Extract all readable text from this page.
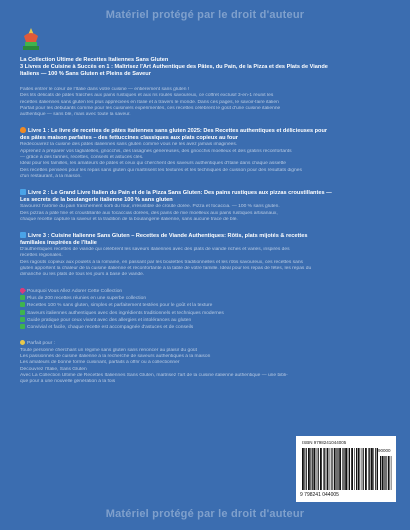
Matériel protégé par le droit d'auteur
La Collection Ultime de Recettes Italiennes Sans Gluten
3 Livres de Cuisine à Succès en 1 : Maîtrisez l'Art Authentique des Pâtes, du Pain, de la Pizza et des Plats de Viande
Italiens — 100 % Sans Gluten et Pleins de Saveur
Faites entrer le cœur de l'Italie dans votre cuisine — entièrement sans gluten !
Des lits délicats de pâtes fraîches aux pains rustiques et aux ris roulés savoureux, ce coffret exclusif 3-en-1 réunit les
recettes italiennes sans gluten les plus appréciées en Italie et à travers le monde. Dans ces pages, le savoir-faire italien
Parfait pour les débutants comme pour les cuisiniers expérimentés, ces recettes célèbrent le goût d'une cuisine italienne
authentique — sans blé, mais avec toute la saveur.
Livre 1 : Le livre de recettes de pâtes italiennes sans gluten 2025: Des Recettes authentiques et délicieuses pour
des pâtes maison parfaites – des fettuccines classiques aux plats copieux au four
Redécouvrez la cuisine des pâtes italiennes sans gluten comme vous ne les avez jamais imaginées.
Apprenez à préparer vos tagliatelles, gnocchis, des lasagnes généreuses, des gnocchis moelleux et des gratins réconfortants
— grâce à des farines, recettes, conseils et astuces clés.
Idéal pour les familles, les amateurs de pâtes et ceux qui cherchent des saveurs authentiques d'Italie dans chaque assiette
Des recettes pensées pour les repas sans gluten qui maîtrisent les textures et les techniques de cuisson pour des résultats dignes
d'un restaurant, à la maison.
Livre 2 : Le Grand Livre Italien du Pain et de la Pizza Sans Gluten: Des pains rustiques aux pizzas croustillantes —
Les secrets de la boulangerie italienne 100 % sans gluten
Savourez l'arôme du pain fraîchement sorti du four, irrésistible de croûte dorée. Pizza et focaccia. — 100 % sans gluten.
Des pizzas à pâte fine et croustillante aux focaccias dorées, des pains de mie moelleux aux pains rustiques artisanaux,
chaque recette capture la saveur et la tradition de la boulangerie italienne, sans aucune trace de blé.
Livre 3 : Cuisine Italienne Sans Gluten – Recettes de Viande Authentiques: Rôtis, plats mijotés & recettes
familiales inspirées de l'Italie
D'authentiques recettes de viande qui célèbrent les saveurs italiennes avec des plats de viande riches et variés, inspirés des
recettes régionales.
Des ragoûts copieux aux poulets à la romaine, en passant par les boulettes traditionnelles et les rôtis savoureux, ces recettes sans
gluten apportent la chaleur de la cuisine italienne et réconfortante à la table de votre famille. Idéal pour les repas de fêtes, les repas du
dimanche ou les plats de tous les jours à base de viande.
Pourquoi Vous Allez Adorer Cette Collection
Plus de 200 recettes réunies en une superbe collection
Recettes 100 % sans gluten, simples et parfaitement testées pour le goût et la texture
Saveurs italiennes authentiques avec des ingrédients traditionnels et techniques modernes
Guide pratique pour ceux vivant avec des allergies et intolérances au gluten
Convivial et facile, chaque recette est accompagnée d'astuces et de conseils
Parfait pour :
Toute personne cherchant un régime sans gluten sans renoncer au plaisir du goût
Les passionnés de cuisine italienne à la recherche de saveurs authentiques à la maison
Les amateurs de bonne forme cuisinant, parfaits à offrir ou à collectionner
Découvrez l'Italie, Sans Gluten
Avec La Collection Ultime de Recettes Italiennes Sans Gluten, maîtrisez l'art de la cuisine italienne authentique — une bibli-
que pour à une nouvelle génération à la fois
ISBN 9798241044005
90000
9 798241 044005
Matériel protégé par le droit d'auteur
